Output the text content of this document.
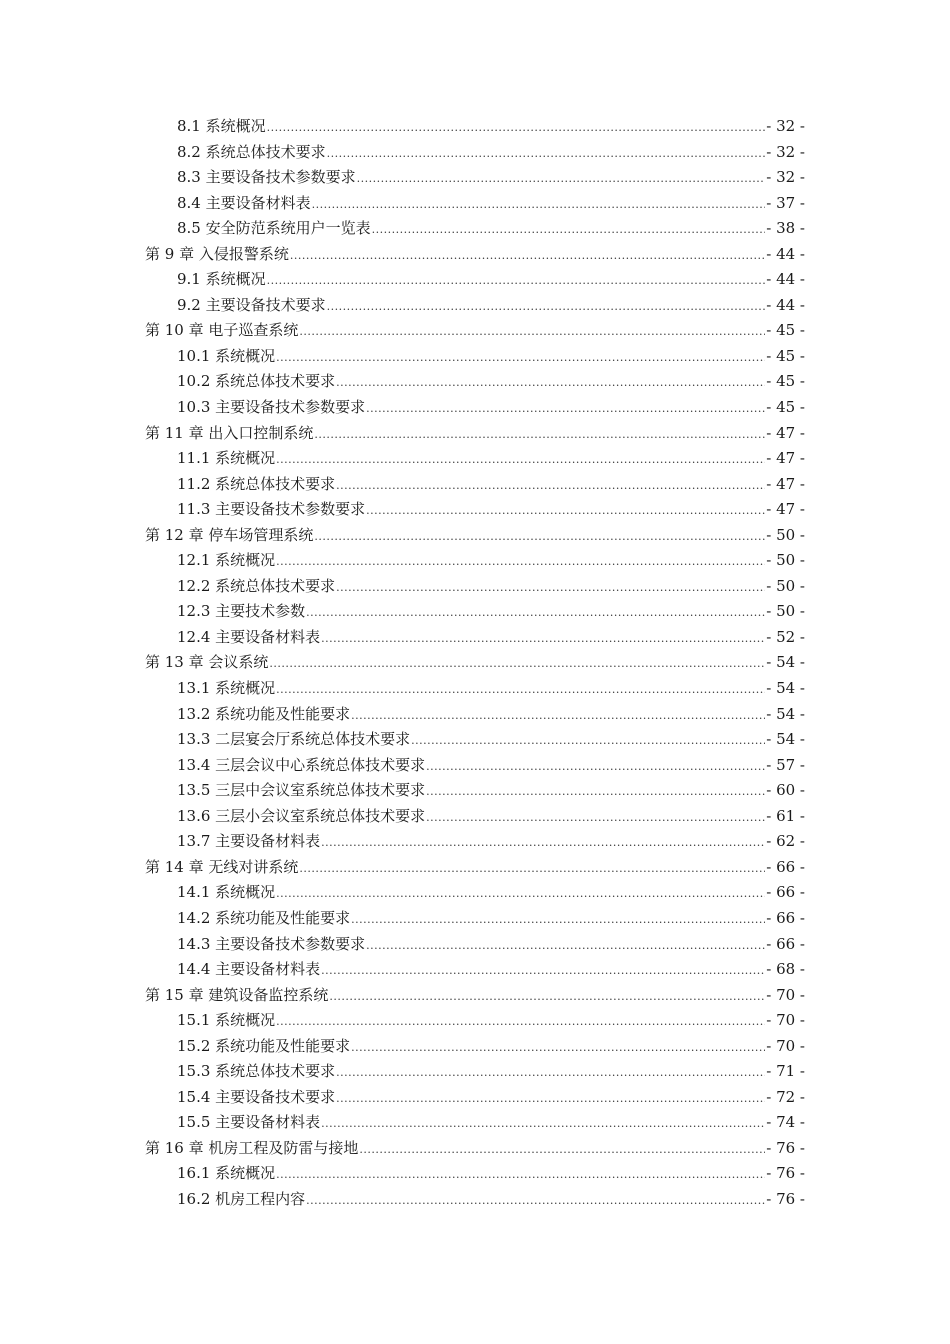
8.1 系统概况 .....	- 32 -
8.2 系统总体技术要求 .....	- 32 -
8.3 主要设备技术参数要求 .....	- 32 -
8.4 主要设备材料表 .....	- 37 -
8.5 安全防范系统用户一览表 .....	- 38 -
第 9 章 入侵报警系统 .....	- 44 -
9.1 系统概况 .....	- 44 -
9.2 主要设备技术要求 .....	- 44 -
第 10 章 电子巡查系统 .....	- 45 -
10.1 系统概况 .....	- 45 -
10.2 系统总体技术要求 .....	- 45 -
10.3 主要设备技术参数要求 .....	- 45 -
第 11 章 出入口控制系统 .....	- 47 -
11.1 系统概况 .....	- 47 -
11.2 系统总体技术要求 .....	- 47 -
11.3 主要设备技术参数要求 .....	- 47 -
第 12 章 停车场管理系统 .....	- 50 -
12.1 系统概况 .....	- 50 -
12.2 系统总体技术要求 .....	- 50 -
12.3 主要技术参数 .....	- 50 -
12.4 主要设备材料表 .....	- 52 -
第 13 章 会议系统 .....	- 54 -
13.1 系统概况 .....	- 54 -
13.2 系统功能及性能要求 .....	- 54 -
13.3 二层宴会厅系统总体技术要求 .....	- 54 -
13.4 三层会议中心系统总体技术要求 .....	- 57 -
13.5 三层中会议室系统总体技术要求 .....	- 60 -
13.6 三层小会议室系统总体技术要求 .....	- 61 -
13.7 主要设备材料表 .....	- 62 -
第 14 章 无线对讲系统 .....	- 66 -
14.1 系统概况 .....	- 66 -
14.2 系统功能及性能要求 .....	- 66 -
14.3 主要设备技术参数要求 .....	- 66 -
14.4 主要设备材料表 .....	- 68 -
第 15 章 建筑设备监控系统 .....	- 70 -
15.1 系统概况 .....	- 70 -
15.2 系统功能及性能要求 .....	- 70 -
15.3 系统总体技术要求 .....	- 71 -
15.4 主要设备技术要求 .....	- 72 -
15.5 主要设备材料表 .....	- 74 -
第 16 章 机房工程及防雷与接地 .....	- 76 -
16.1 系统概况 .....	- 76 -
16.2 机房工程内容 .....	- 76 -
